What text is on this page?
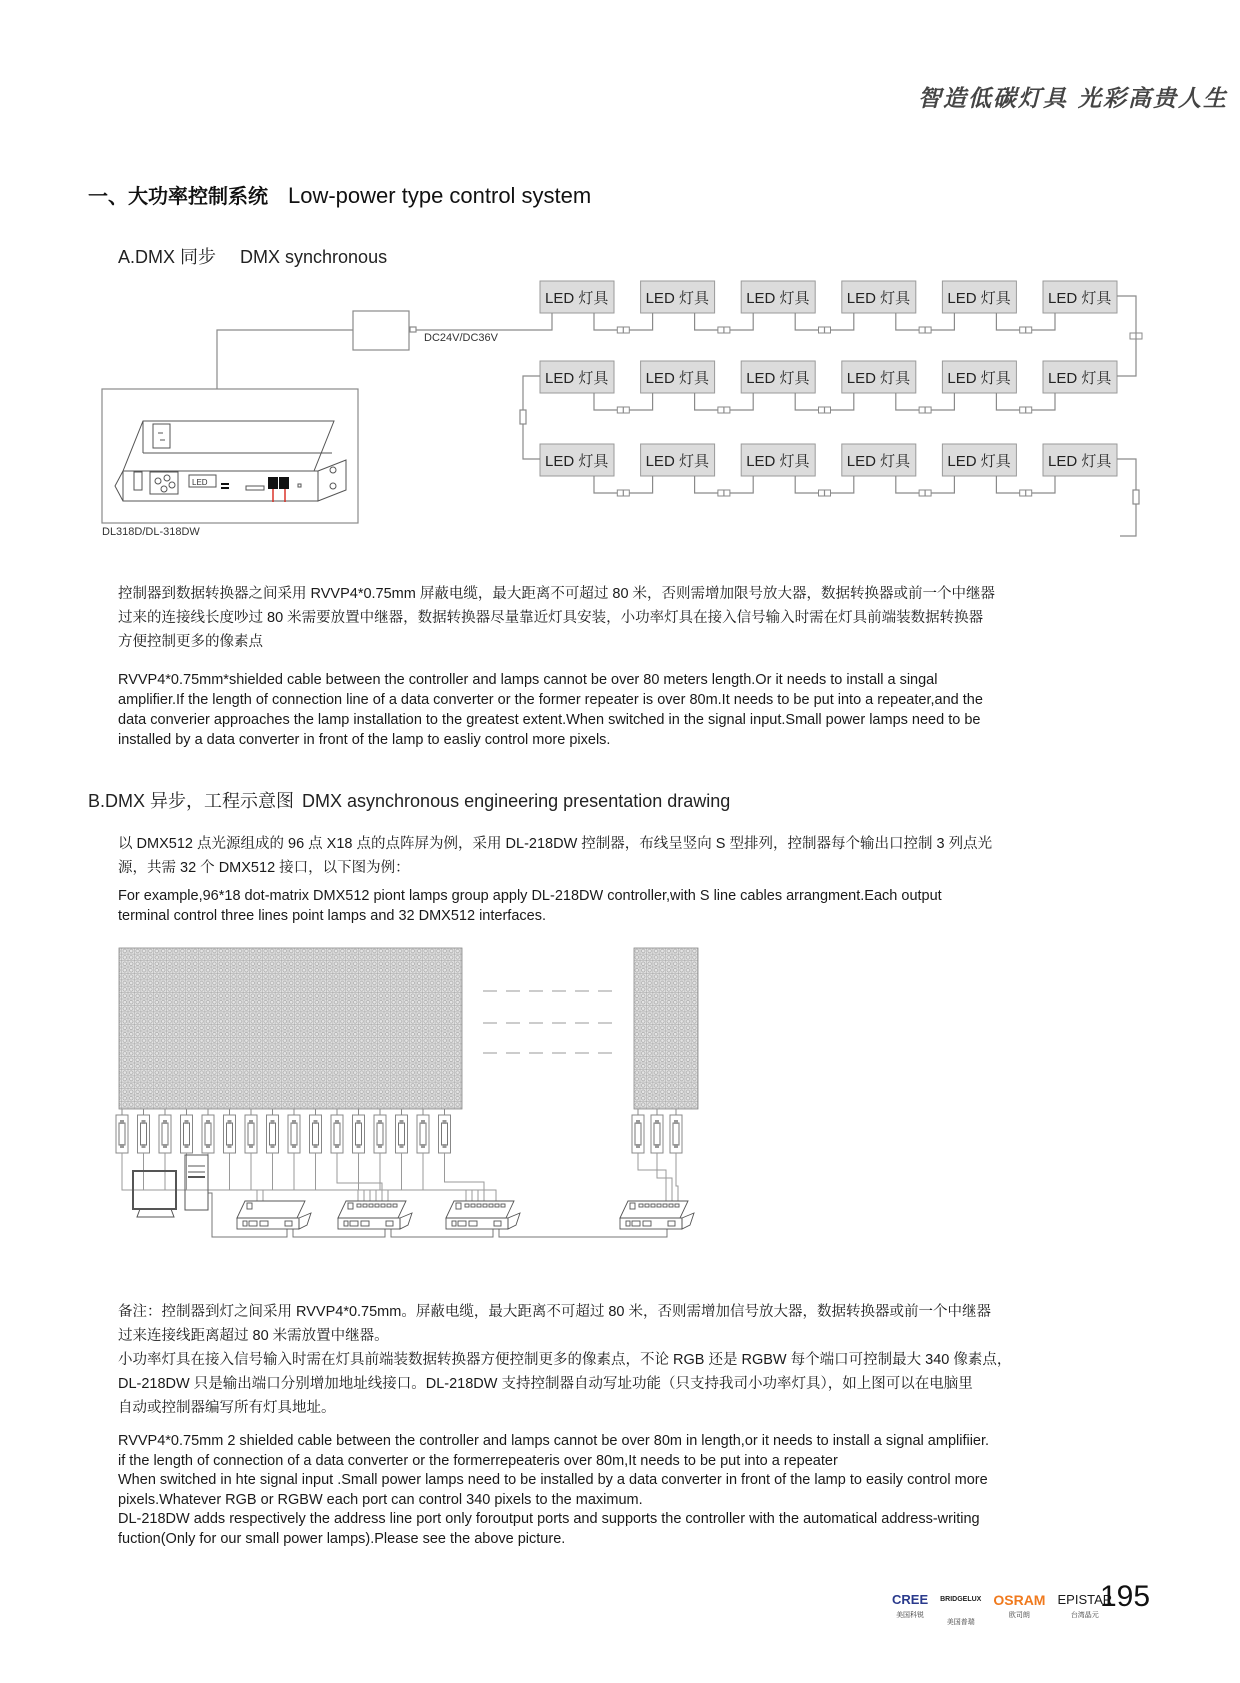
智造低碳灯具 光彩高贵人生
一、大功率控制系统 Low-power type control system
A.DMX 同步 DMX synchronous
DC24V/DC36V
LED
DL318D/DL-318DW
LED 灯具 LED 灯具 LED 灯具 LED 灯具 LED 灯具 LED 灯具
LED 灯具 LED 灯具 LED 灯具 LED 灯具 LED 灯具 LED 灯具
LED 灯具 LED 灯具 LED 灯具 LED 灯具 LED 灯具 LED 灯具
控制器到数据转换器之间采用 RVVP4*0.75mm 屏蔽电缆，最大距离不可超过 80 米，否则需增加限号放大器，数据转换器或前一个中继器
过来的连接线长度吵过 80 米需要放置中继器，数据转换器尽量靠近灯具安装，小功率灯具在接入信号输入时需在灯具前端装数据转换器
方便控制更多的像素点
RVVP4*0.75mm*shielded cable between the controller and lamps cannot be over 80 meters length.Or it needs to install a singal
amplifier.If the length of connection line of a data converter or the former repeater is over 80m.It needs to be put into a repeater,and the
data converier approaches the lamp installation to the greatest extent.When switched in the signal input.Small power lamps need to be
installed by a data converter in front of the lamp to easliy control more pixels.
B.DMX 异步，工程示意图 DMX asynchronous engineering presentation drawing
以 DMX512 点光源组成的 96 点 X18 点的点阵屏为例，采用 DL-218DW 控制器，布线呈竖向 S 型排列，控制器每个输出口控制 3 列点光
源，共需 32 个 DMX512 接口，以下图为例：
For example,96*18 dot-matrix DMX512 piont lamps group apply DL-218DW controller,with S line cables arrangment.Each output
terminal control three lines point lamps and 32 DMX512 interfaces.
备注：控制器到灯之间采用 RVVP4*0.75mm。屏蔽电缆，最大距离不可超过 80 米，否则需增加信号放大器，数据转换器或前一个中继器
过来连接线距离超过 80 米需放置中继器。
小功率灯具在接入信号输入时需在灯具前端装数据转换器方便控制更多的像素点，不论 RGB 还是 RGBW 每个端口可控制最大 340 像素点，
DL-218DW 只是输出端口分别增加地址线接口。DL-218DW 支持控制器自动写址功能（只支持我司小功率灯具），如上图可以在电脑里
自动或控制器编写所有灯具地址。
RVVP4*0.75mm 2 shielded cable between the controller and lamps cannot be over 80m in length,or it needs to install a signal amplifiier.
if the length of connection of a data converter or the formerrepeateris over 80m,It needs to be put into a repeater
When switched in hte signal input .Small power lamps need to be installed by a data converter in front of the lamp to easily control more
pixels.Whatever RGB or RGBW each port can control 340 pixels to the maximum.
DL-218DW adds respectively the address line port only foroutput ports and supports the controller with the automatical address-writing
fuction(Only for our small power lamps).Please see the above picture.
CREE
美国科锐
BRIDGELUX
美国普瑞
OSRAM
欧司朗
EPISTAR
台湾晶元
195
